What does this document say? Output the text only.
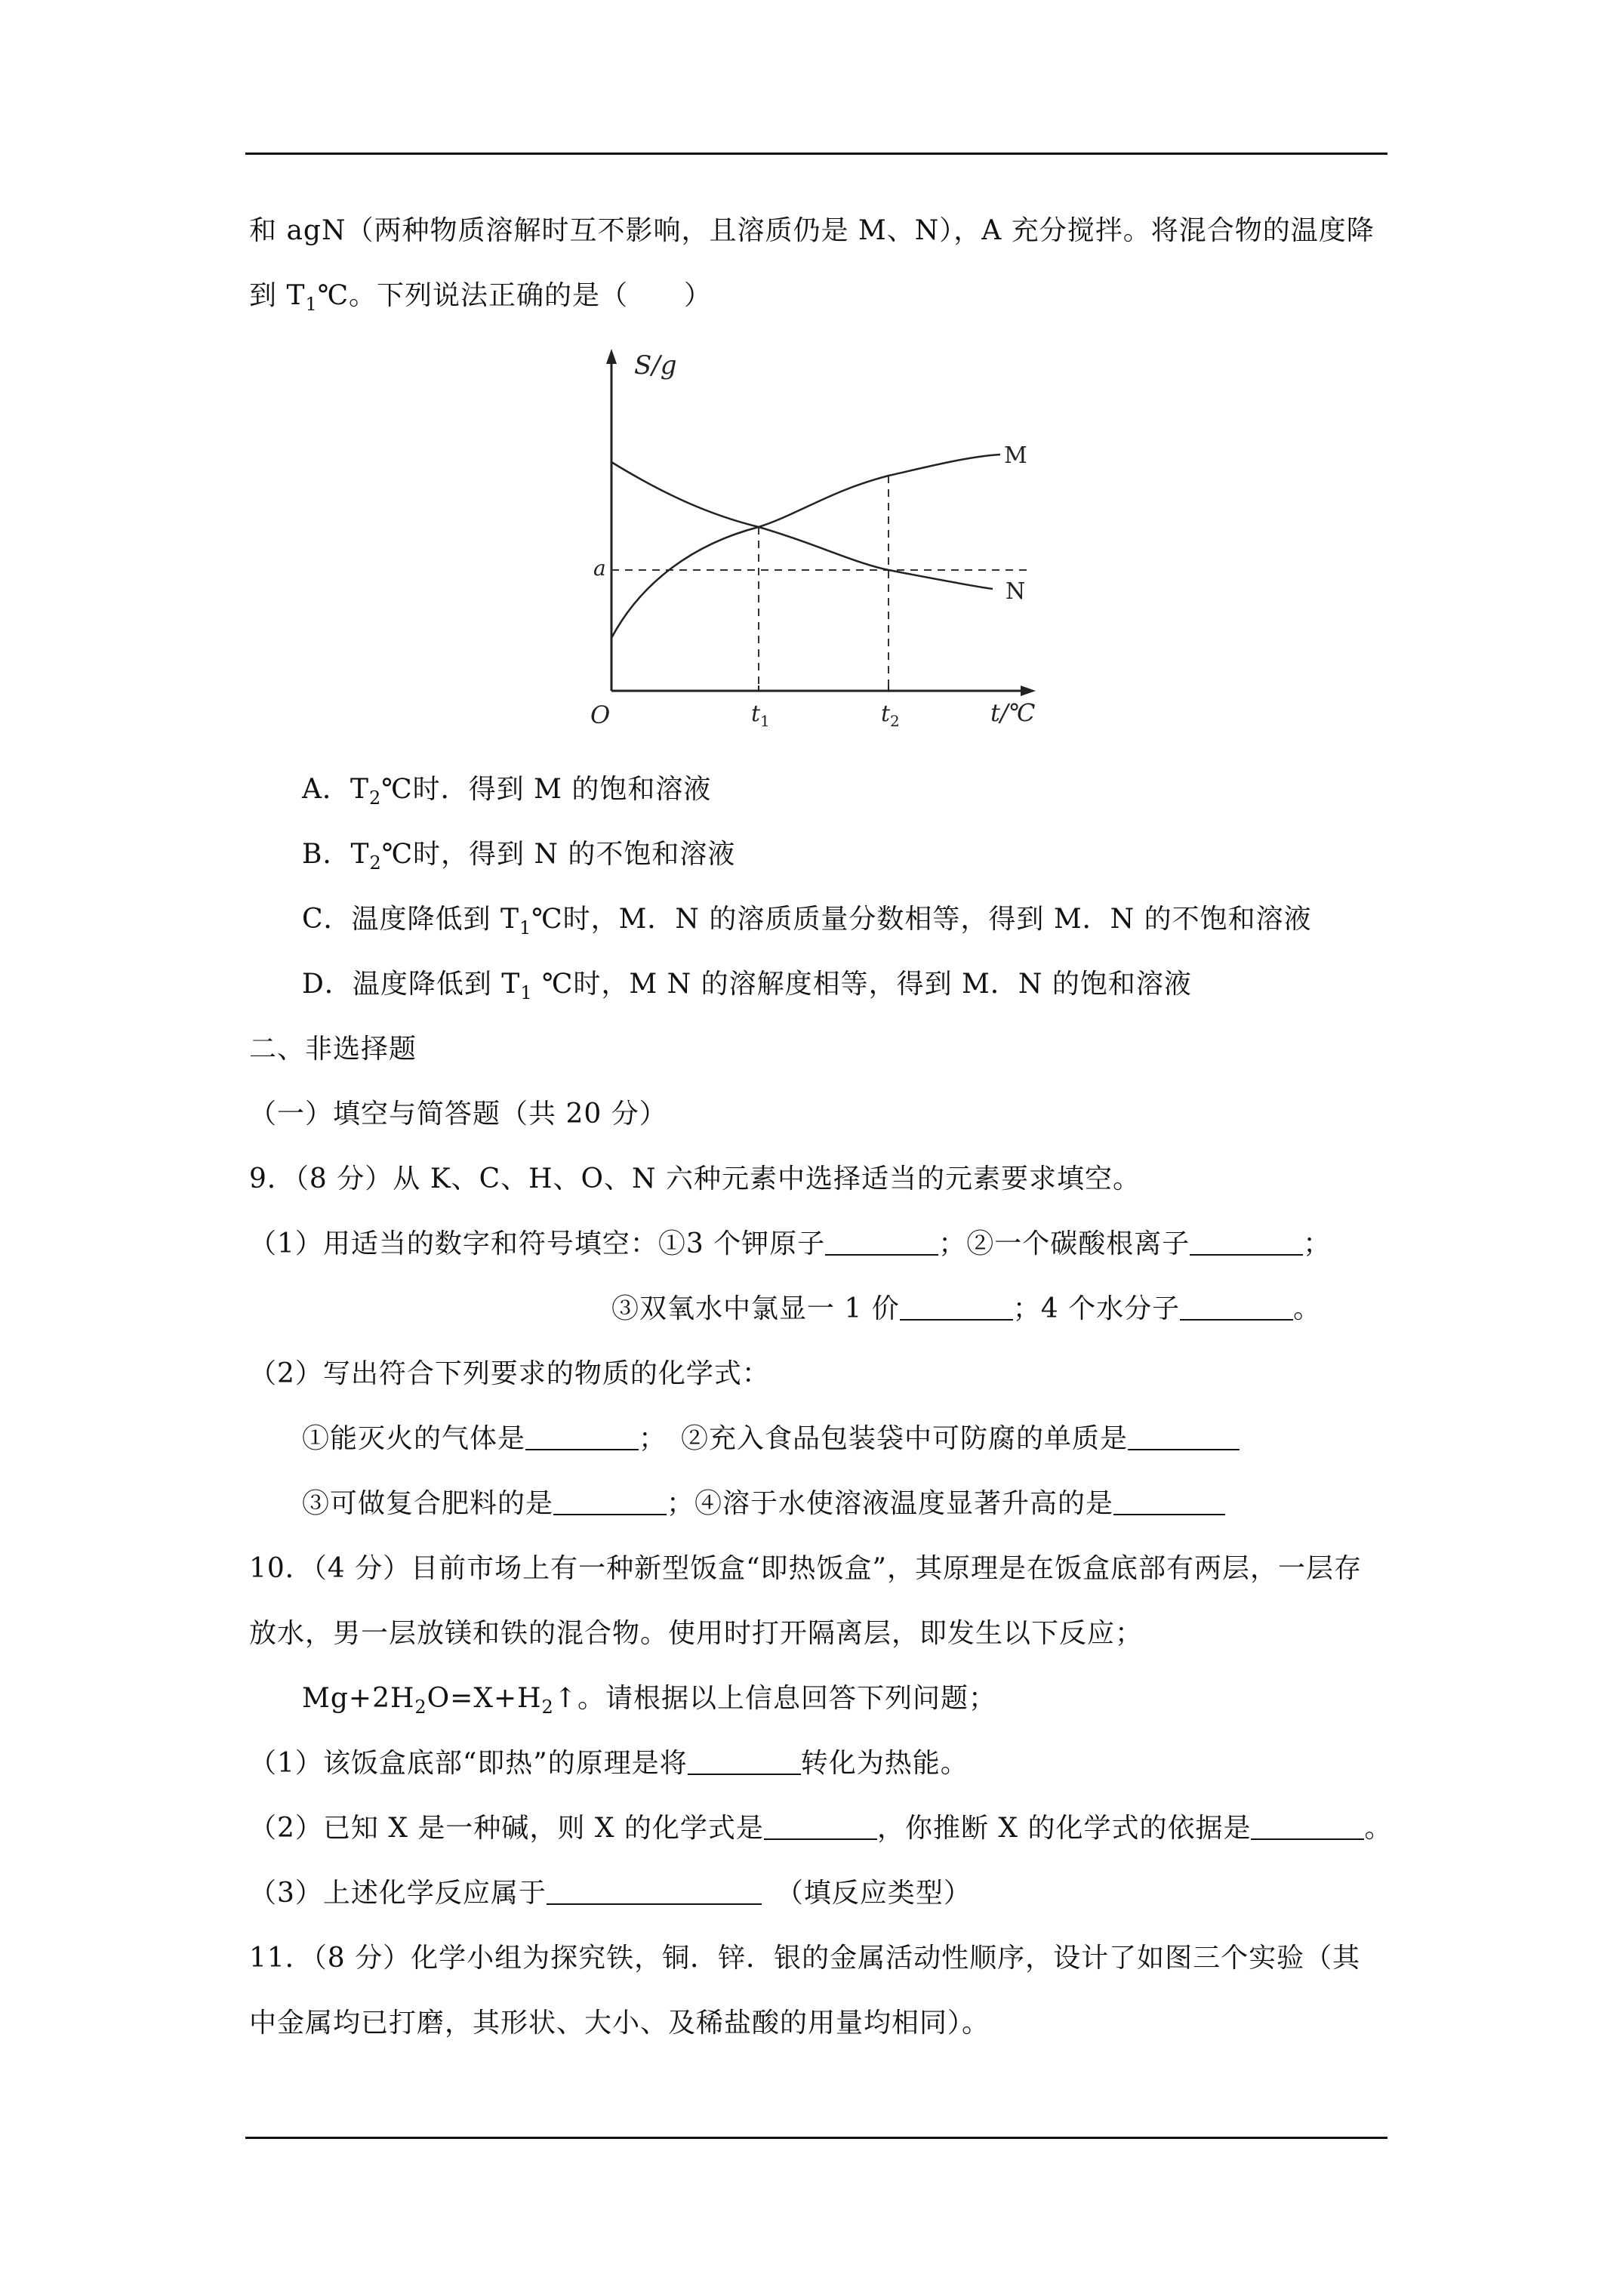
和 agN（两种物质溶解时互不影响，且溶质仍是 M、N），A 充分搅拌。将混合物的温度降
到 $T_1℃$。下列说法正确的是（　　）
S/g
M
N
a
O	t 1	t 2	t/℃
A．$T_2℃$时．得到 M 的饱和溶液
B．$T_2℃$时，得到 N 的不饱和溶液
C．温度降低到 $T_1℃$时，M．N 的溶质质量分数相等，得到 M．N 的不饱和溶液
D．温度降低到 $T_1$ ℃时，M N 的溶解度相等，得到 M．N 的饱和溶液
二、非选择题
（一）填空与简答题（共 20 分）
9．（8 分）从 K、C、H、O、N 六种元素中选择适当的元素要求填空。
（1）用适当的数字和符号填空：①3 个钾原子	；②一个碳酸根离子	；
③双氧水中氯显一 1 价	；4 个水分子	。
（2）写出符合下列要求的物质的化学式：
①能灭火的气体是	；　②充入食品包装袋中可防腐的单质是
③可做复合肥料的是	；④溶于水使溶液温度显著升高的是
10．（4 分）目前市场上有一种新型饭盒“即热饭盒”，其原理是在饭盒底部有两层，一层存
放水，男一层放镁和铁的混合物。使用时打开隔离层，即发生以下反应；
$Mg+2H_2O=X+H_2↑$。请根据以上信息回答下列问题；
（1）该饭盒底部“即热”的原理是将	转化为热能。
（2）已知 X 是一种碱，则 X 的化学式是	，你推断 X 的化学式的依据是	。
（3）上述化学反应属于　	（填反应类型）
11．（8 分）化学小组为探究铁，铜．锌．银的金属活动性顺序，设计了如图三个实验（其
中金属均已打磨，其形状、大小、及稀盐酸的用量均相同）。
